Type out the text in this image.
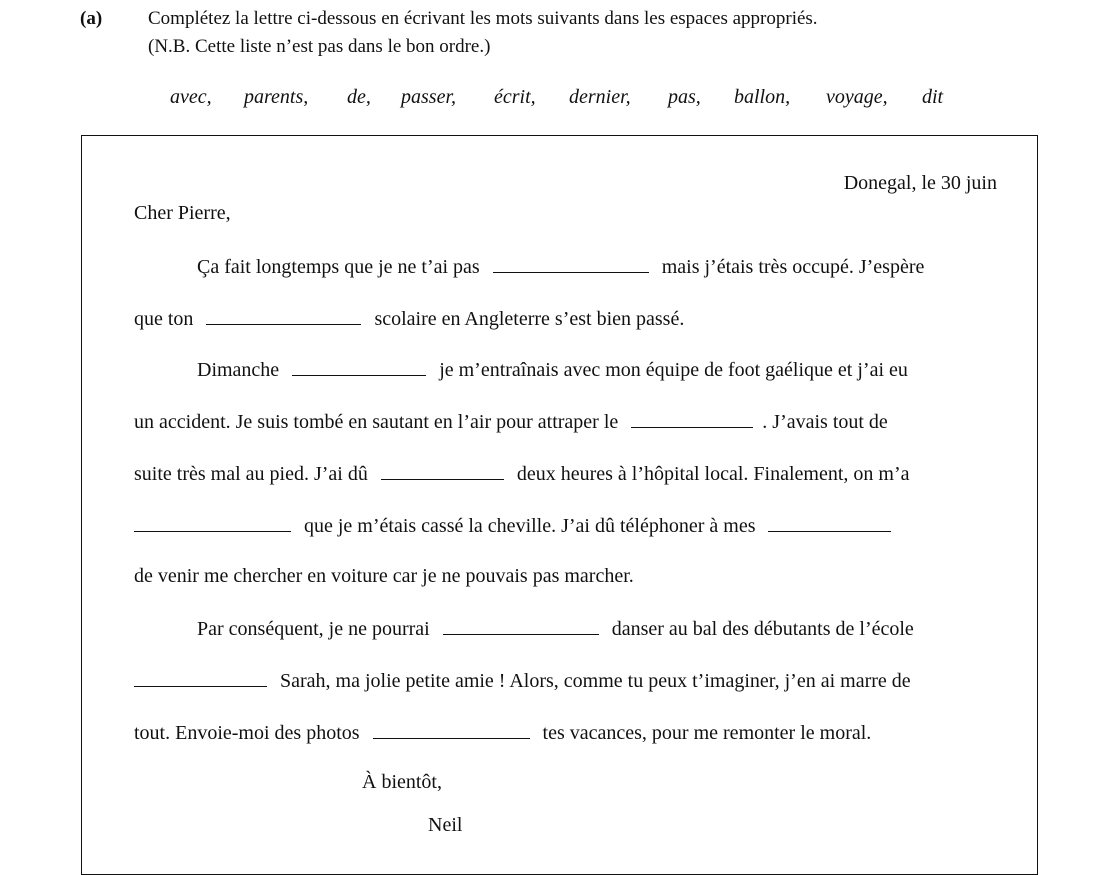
(a) Complétez la lettre ci-dessous en écrivant les mots suivants dans les espaces appropriés.
(N.B. Cette liste n’est pas dans le bon ordre.)
avec, parents, de, passer, écrit, dernier, pas, ballon, voyage, dit
Donegal, le 30 juin
Cher Pierre,
Ça fait longtemps que je ne t’ai pas	mais j’étais très occupé. J’espère
que ton	scolaire en Angleterre s’est bien passé.
Dimanche	je m’entraînais avec mon équipe de foot gaélique et j’ai eu
un accident. Je suis tombé en sautant en l’air pour attraper le	. J’avais tout de
suite très mal au pied. J’ai dû	deux heures à l’hôpital local. Finalement, on m’a
que je m’étais cassé la cheville. J’ai dû téléphoner à mes
de venir me chercher en voiture car je ne pouvais pas marcher.
Par conséquent, je ne pourrai	danser au bal des débutants de l’école
Sarah, ma jolie petite amie ! Alors, comme tu peux t’imaginer, j’en ai marre de
tout. Envoie-moi des photos	tes vacances, pour me remonter le moral.
À bientôt,
Neil
